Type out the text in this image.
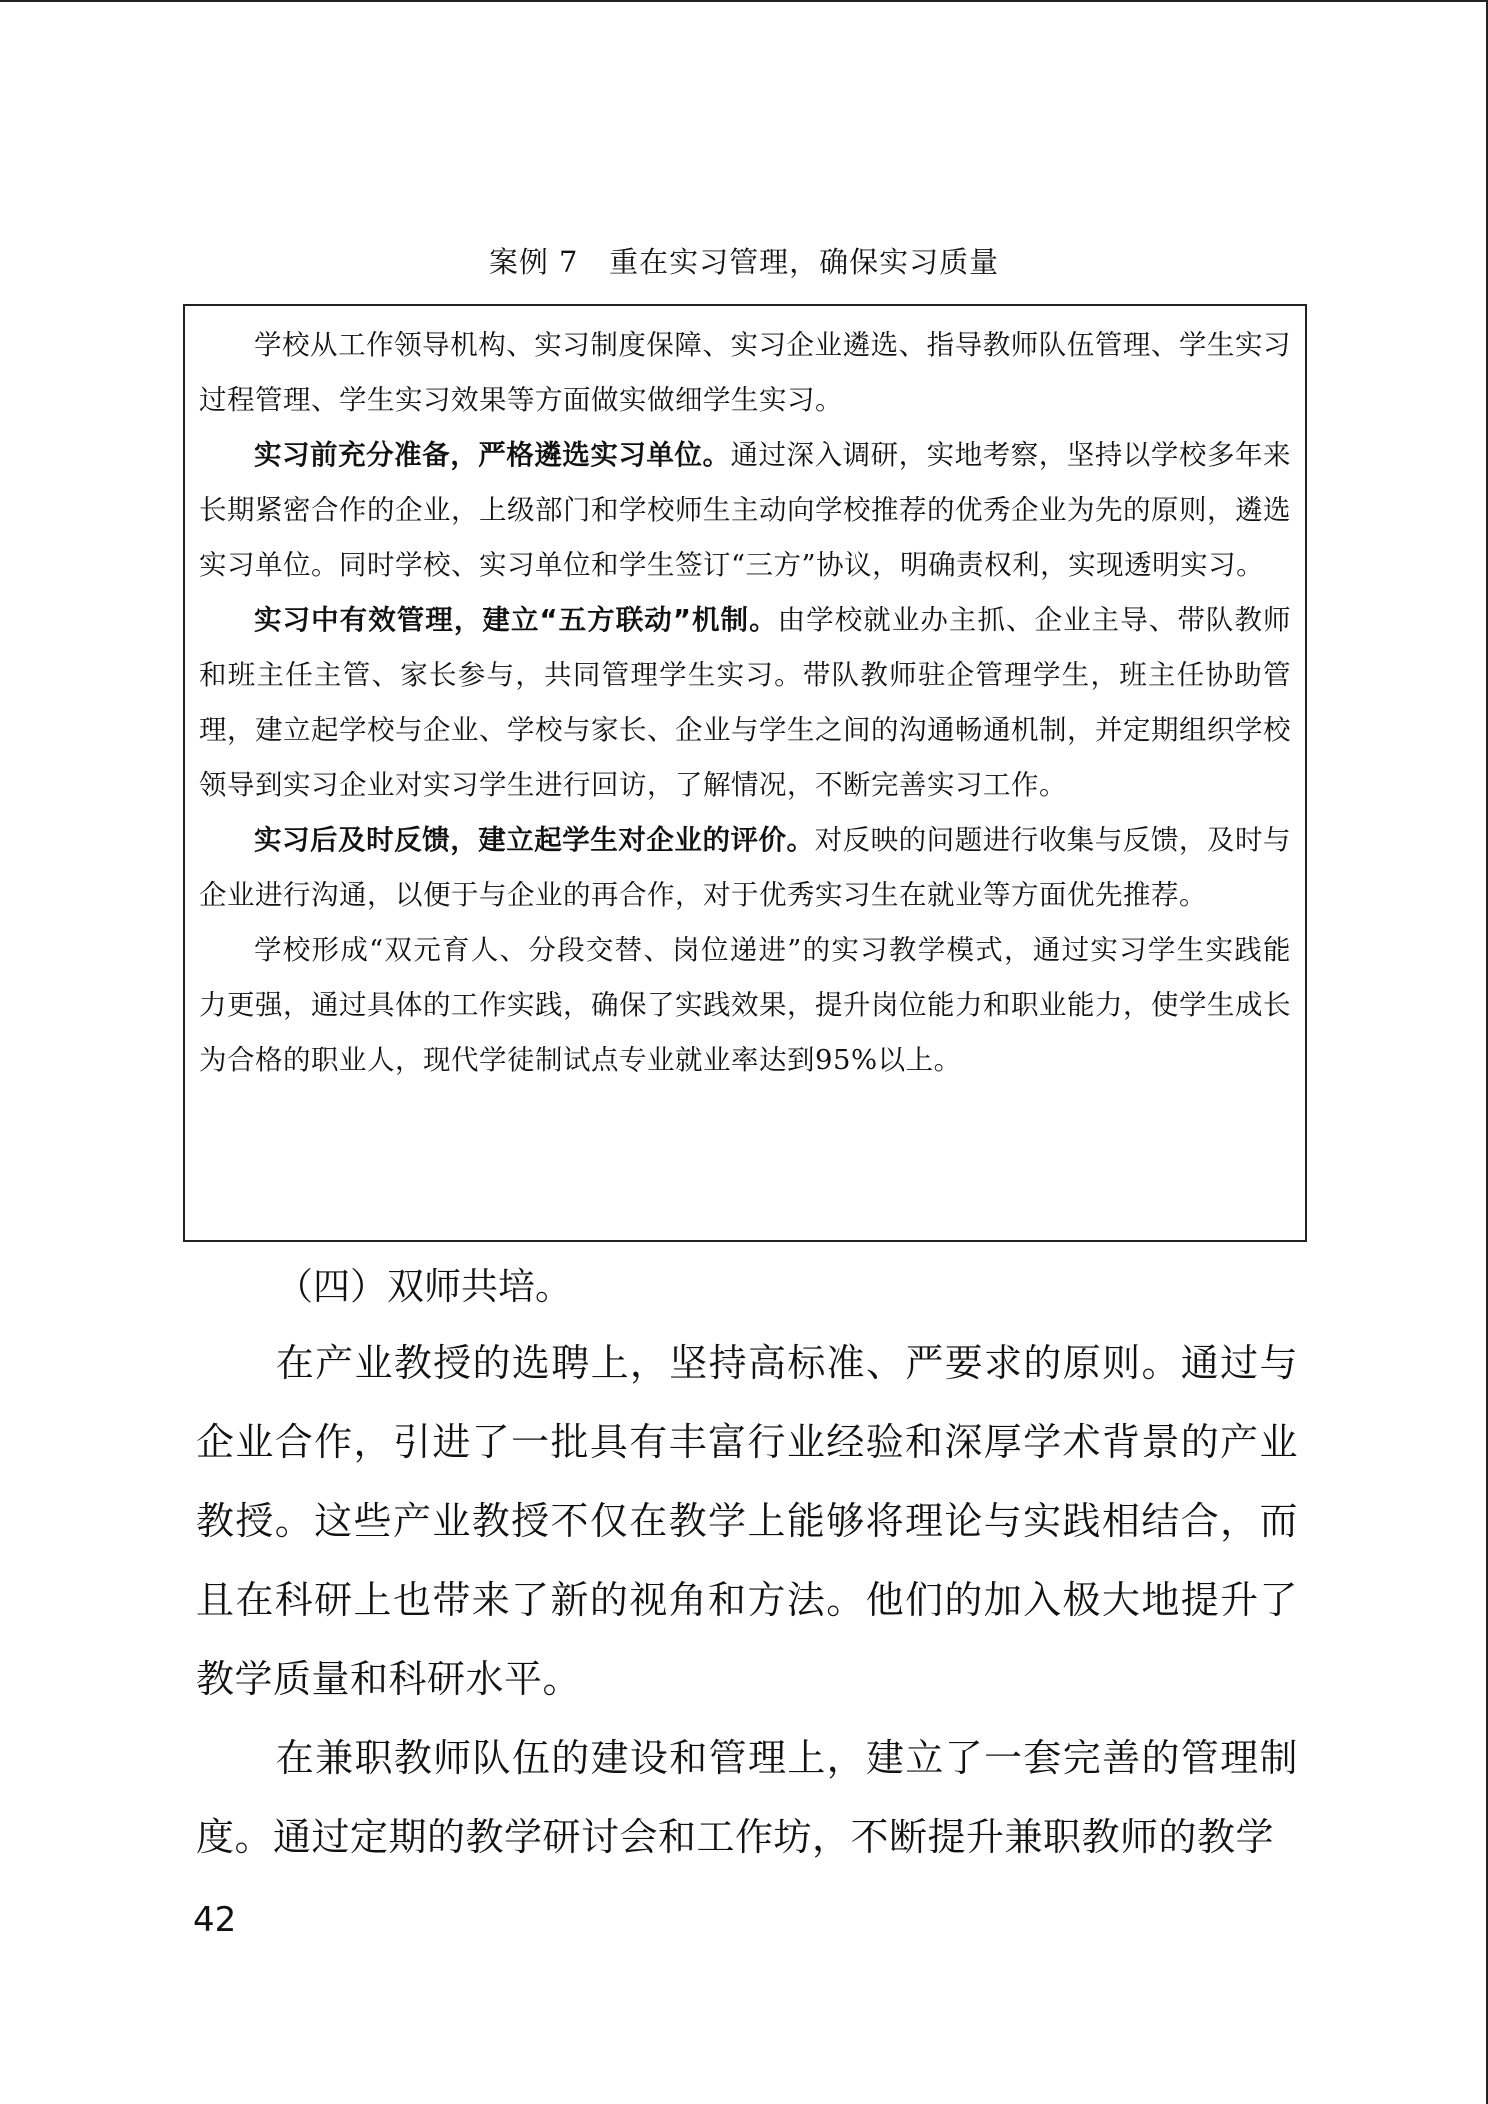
案例 7   重在实习管理，确保实习质量

学校从工作领导机构、实习制度保障、实习企业遴选、指导教师队伍管理、学生实习过程管理、学生实习效果等方面做实做细学生实习。

实习前充分准备，严格遴选实习单位。通过深入调研，实地考察，坚持以学校多年来长期紧密合作的企业，上级部门和学校师生主动向学校推荐的优秀企业为先的原则，遴选实习单位。同时学校、实习单位和学生签订“三方”协议，明确责权利，实现透明实习。

实习中有效管理，建立“五方联动”机制。由学校就业办主抓、企业主导、带队教师和班主任主管、家长参与，共同管理学生实习。带队教师驻企管理学生，班主任协助管理，建立起学校与企业、学校与家长、企业与学生之间的沟通畅通机制，并定期组织学校领导到实习企业对实习学生进行回访，了解情况，不断完善实习工作。

实习后及时反馈，建立起学生对企业的评价。对反映的问题进行收集与反馈，及时与企业进行沟通，以便于与企业的再合作，对于优秀实习生在就业等方面优先推荐。

学校形成“双元育人、分段交替、岗位递进”的实习教学模式，通过实习学生实践能力更强，通过具体的工作实践，确保了实践效果，提升岗位能力和职业能力，使学生成长为合格的职业人，现代学徒制试点专业就业率达到95%以上。

（四）双师共培。

在产业教授的选聘上，坚持高标准、严要求的原则。通过与企业合作，引进了一批具有丰富行业经验和深厚学术背景的产业教授。这些产业教授不仅在教学上能够将理论与实践相结合，而且在科研上也带来了新的视角和方法。他们的加入极大地提升了教学质量和科研水平。

在兼职教师队伍的建设和管理上，建立了一套完善的管理制度。通过定期的教学研讨会和工作坊，不断提升兼职教师的教学

42
